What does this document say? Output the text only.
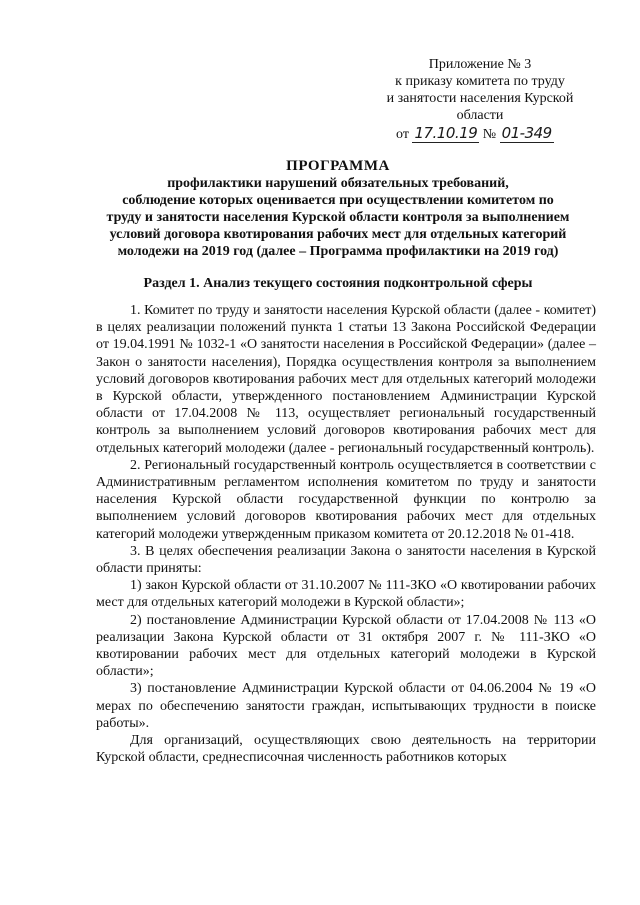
Приложение № 3
к приказу комитета по труду
и занятости населения Курской
области
от 17.10.19 № 01-349
ПРОГРАММА
профилактики нарушений обязательных требований,
соблюдение которых оценивается при осуществлении комитетом по
труду и занятости населения Курской области контроля за выполнением
условий договора квотирования рабочих мест для отдельных категорий
молодежи на 2019 год (далее – Программа профилактики на 2019 год)
Раздел 1. Анализ текущего состояния подконтрольной сферы

1. Комитет по труду и занятости населения Курской области (далее - комитет) в целях реализации положений пункта 1 статьи 13 Закона Российской Федерации от 19.04.1991 № 1032-1 «О занятости населения в Российской Федерации» (далее – Закон о занятости населения), Порядка осуществления контроля за выполнением условий договоров квотирования рабочих мест для отдельных категорий молодежи в Курской области, утвержденного постановлением Администрации Курской области от 17.04.2008 № 113, осуществляет региональный государственный контроль за выполнением условий договоров квотирования рабочих мест для отдельных категорий молодежи (далее - региональный государственный контроль).

2. Региональный государственный контроль осуществляется в соответствии с Административным регламентом исполнения комитетом по труду и занятости населения Курской области государственной функции по контролю за выполнением условий договоров квотирования рабочих мест для отдельных категорий молодежи утвержденным приказом комитета от 20.12.2018 № 01-418.

3. В целях обеспечения реализации Закона о занятости населения в Курской области приняты:

1) закон Курской области от 31.10.2007 № 111-ЗКО «О квотировании рабочих мест для отдельных категорий молодежи в Курской области»;

2) постановление Администрации Курской области от 17.04.2008 № 113 «О реализации Закона Курской области от 31 октября 2007 г. № 111-ЗКО «О квотировании рабочих мест для отдельных категорий молодежи в Курской области»;

3) постановление Администрации Курской области от 04.06.2004 № 19 «О мерах по обеспечению занятости граждан, испытывающих трудности в поиске работы».

Для организаций, осуществляющих свою деятельность на территории Курской области, среднесписочная численность работников которых
